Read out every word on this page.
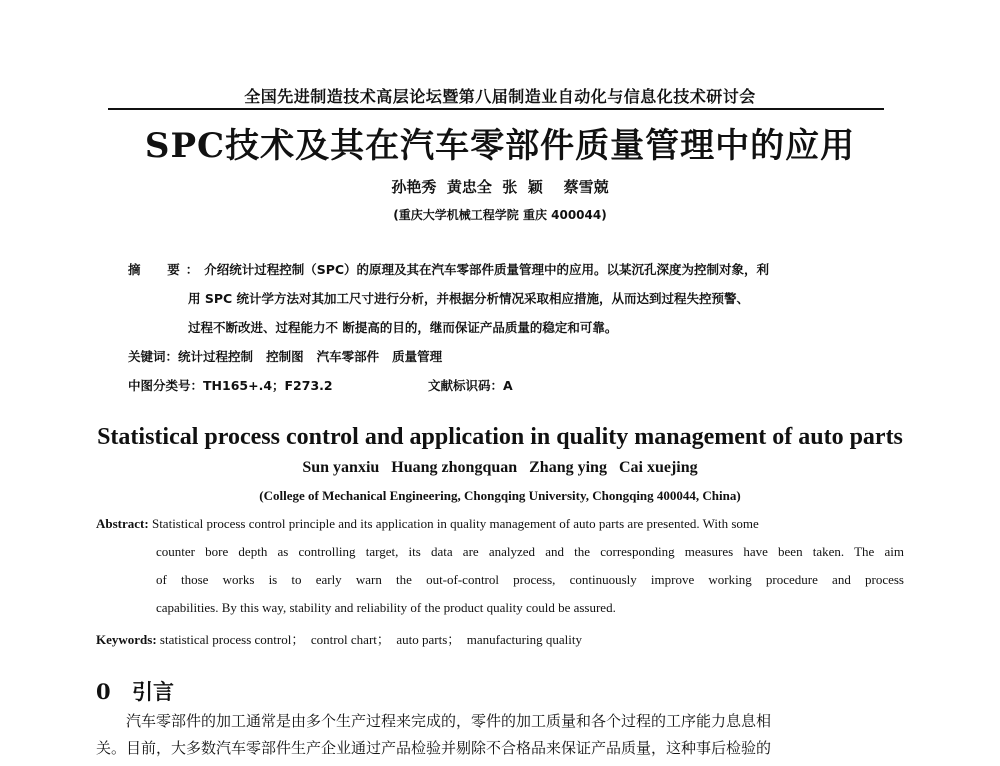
全国先进制造技术高层论坛暨第八届制造业自动化与信息化技术研讨会
SPC技术及其在汽车零部件质量管理中的应用
孙艳秀  黄忠全  张  颖    蔡雪兢
(重庆大学机械工程学院 重庆 400044)
摘  要：介绍统计过程控制（SPC）的原理及其在汽车零部件质量管理中的应用。以某沉孔深度为控制对象，利
用 SPC 统计学方法对其加工尺寸进行分析，并根据分析情况采取相应措施，从而达到过程失控预警、
过程不断改进、过程能力不 断提高的目的，继而保证产品质量的稳定和可靠。
关键词：统计过程控制   控制图   汽车零部件   质量管理
中图分类号：TH165+.4；F273.2	文献标识码：A
Statistical process control and application in quality management of auto parts
Sun yanxiu   Huang zhongquan   Zhang ying   Cai xuejing
(College of Mechanical Engineering, Chongqing University, Chongqing 400044, China)
Abstract: Statistical process control principle and its application in quality management of auto parts are presented. With some
counter bore depth as controlling target, its data are analyzed and the corresponding measures have been taken. The aim
of those works is to early warn the out-of-control process, continuously improve working procedure and process
capabilities. By this way, stability and reliability of the product quality could be assured.
Keywords: statistical process control；  control chart；  auto parts；  manufacturing quality
0 引言
汽车零部件的加工通常是由多个生产过程来完成的，零件的加工质量和各个过程的工序能力息息相
关。目前，大多数汽车零部件生产企业通过产品检验并剔除不合格品来保证产品质量，这种事后检验的
